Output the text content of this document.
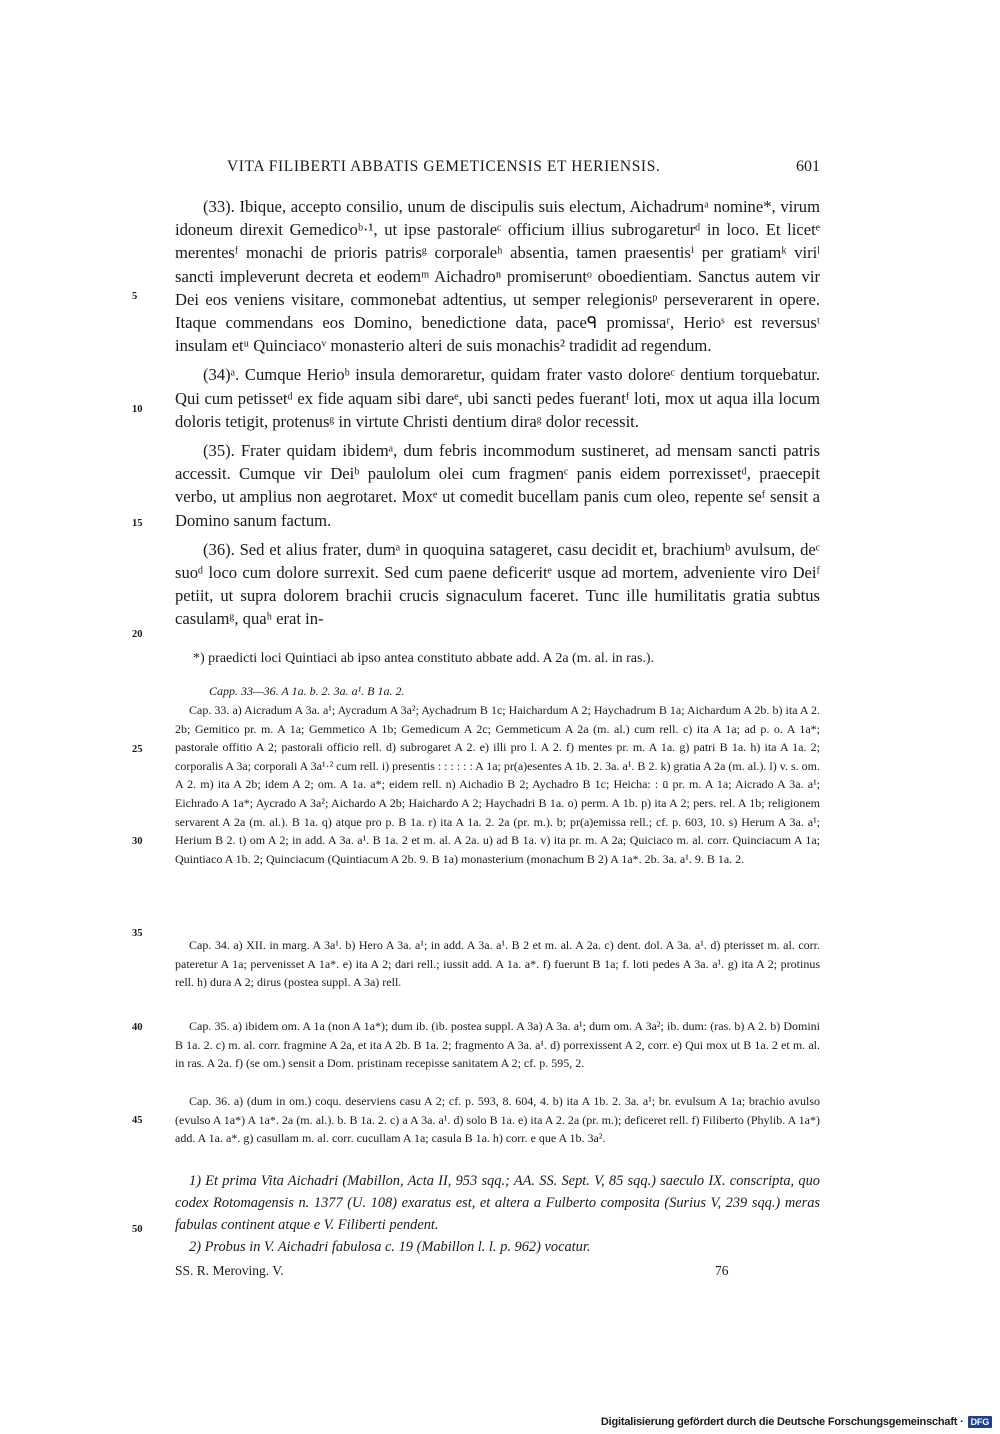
VITA FILIBERTI ABBATIS GEMETICENSIS ET HERIENSIS.	601

(33). Ibique, accepto consilio, unum de discipulis suis electum, Aichadrumᵃ nomine*, virum idoneum direxit Gemedicoᵇ·¹, ut ipse pastoraleᶜ officium illius subrogareturᵈ in loco. Et licetᵉ merentesᶠ monachi de prioris patrisᵍ corporaleʰ absentia, tamen praesentisⁱ per gratiamᵏ viriˡ sancti impleverunt decreta et eodemᵐ Aichadroⁿ promiseruntᵒ oboedientiam. Sanctus autem vir Dei eos veniens visitare, commonebat adtentius, ut semper relegionisᵖ perseverarent in opere. Itaque commendans eos Domino, benedictione data, paceᑫ promissaʳ, Herioˢ est reversusᵗ insulam etᵘ Quinciacoᵛ monasterio alteri de suis monachis² tradidit ad regendum.

(34)ᵃ. Cumque Herioᵇ insula demoraretur, quidam frater vasto doloreᶜ dentium torquebatur. Qui cum petissetᵈ ex fide aquam sibi dareᵉ, ubi sancti pedes fuerantᶠ loti, mox ut aqua illa locum doloris tetigit, protenusᵍ in virtute Christi dentium diraᵍ dolor recessit.

(35). Frater quidam ibidemᵃ, dum febris incommodum sustineret, ad mensam sancti patris accessit. Cumque vir Deiᵇ paulolum olei cum fragmenᶜ panis eidem porrexissetᵈ, praecepit verbo, ut amplius non aegrotaret. Moxᵉ ut comedit bucellam panis cum oleo, repente seᶠ sensit a Domino sanum factum.

(36). Sed et alius frater, dumᵃ in quoquina satageret, casu decidit et, brachiumᵇ avulsum, deᶜ suoᵈ loco cum dolore surrexit. Sed cum paene deficeritᵉ usque ad mortem, adveniente viro Deiᶠ petiit, ut supra dolorem brachii crucis signaculum faceret. Tunc ille humilitatis gratia subtus casulamᵍ, quaʰ erat in-

5
10
15
20
25
30
35
40
45
50
*) praedicti loci Quintiaci ab ipso antea constituto abbate add. A 2a (m. al. in ras.).
Capp. 33—36. A 1a. b. 2. 3a. a¹. B 1a. 2.
Cap. 33. a) Aicradum A 3a. a¹; Aycradum A 3a²; Aychadrum B 1c; Haichardum A 2; Haychadrum B 1a; Aichardum A 2b. b) ita A 2. 2b; Gemitico pr. m. A 1a; Gemmetico A 1b; Gemedicum A 2c; Gemmeticum A 2a (m. al.) cum rell. c) ita A 1a; ad p. o. A 1a*; pastorale offitio A 2; pastorali officio rell. d) subrogaret A 2. e) illi pro l. A 2. f) mentes pr. m. A 1a. g) patri B 1a. h) ita A 1a. 2; corporalis A 3a; corporali A 3a¹·² cum rell. i) presentis : : : : : : A 1a; pr(a)esentes A 1b. 2. 3a. a¹. B 2. k) gratia A 2a (m. al.). l) v. s. om. A 2. m) ita A 2b; idem A 2; om. A 1a. a*; eidem rell. n) Aichadio B 2; Aychadro B 1c; Heicha: : ū pr. m. A 1a; Aicrado A 3a. a¹; Eichrado A 1a*; Aycrado A 3a²; Aichardo A 2b; Haichardo A 2; Haychadri B 1a. o) perm. A 1b. p) ita A 2; pers. rel. A 1b; religionem servarent A 2a (m. al.). B 1a. q) atque pro p. B 1a. r) ita A 1a. 2. 2a (pr. m.). b; pr(a)emissa rell.; cf. p. 603, 10. s) Herum A 3a. a¹; Herium B 2. t) om A 2; in add. A 3a. a¹. B 1a. 2 et m. al. A 2a. u) ad B 1a. v) ita pr. m. A 2a; Quiciaco m. al. corr. Quinciacum A 1a; Quintiaco A 1b. 2; Quinciacum (Quintiacum A 2b. 9. B 1a) monasterium (monachum B 2) A 1a*. 2b. 3a. a¹. 9. B 1a. 2.
Cap. 34. a) XII. in marg. A 3a¹. b) Hero A 3a. a¹; in add. A 3a. a¹. B 2 et m. al. A 2a. c) dent. dol. A 3a. a¹. d) pterisset m. al. corr. pateretur A 1a; pervenisset A 1a*. e) ita A 2; dari rell.; iussit add. A 1a. a*. f) fuerunt B 1a; f. loti pedes A 3a. a¹. g) ita A 2; protinus rell. h) dura A 2; dirus (postea suppl. A 3a) rell.
Cap. 35. a) ibidem om. A 1a (non A 1a*); dum ib. (ib. postea suppl. A 3a) A 3a. a¹; dum om. A 3a²; ib. dum: (ras. b) A 2. b) Domini B 1a. 2. c) m. al. corr. fragmine A 2a, et ita A 2b. B 1a. 2; fragmento A 3a. a¹. d) porrexissent A 2, corr. e) Qui mox ut B 1a. 2 et m. al. in ras. A 2a. f) (se om.) sensit a Dom. pristinam recepisse sanitatem A 2; cf. p. 595, 2.
Cap. 36. a) (dum in om.) coqu. deserviens casu A 2; cf. p. 593, 8. 604, 4. b) ita A 1b. 2. 3a. a¹; br. evulsum A 1a; brachio avulso (evulso A 1a*) A 1a*. 2a (m. al.). b. B 1a. 2. c) a A 3a. a¹. d) solo B 1a. e) ita A 2. 2a (pr. m.); deficeret rell. f) Filiberto (Phylib. A 1a*) add. A 1a. a*. g) casullam m. al. corr. cucullam A 1a; casula B 1a. h) corr. e que A 1b. 3a².

1) Et prima Vita Aichadri (Mabillon, Acta II, 953 sqq.; AA. SS. Sept. V, 85 sqq.) saeculo IX. conscripta, quo codex Rotomagensis n. 1377 (U. 108) exaratus est, et altera a Fulberto composita (Surius V, 239 sqq.) meras fabulas continent atque e V. Filiberti pendent.

2) Probus in V. Aichadri fabulosa c. 19 (Mabillon l. l. p. 962) vocatur.

SS. R. Meroving. V.	76
Digitalisierung gefördert durch die Deutsche Forschungsgemeinschaft · DFG
